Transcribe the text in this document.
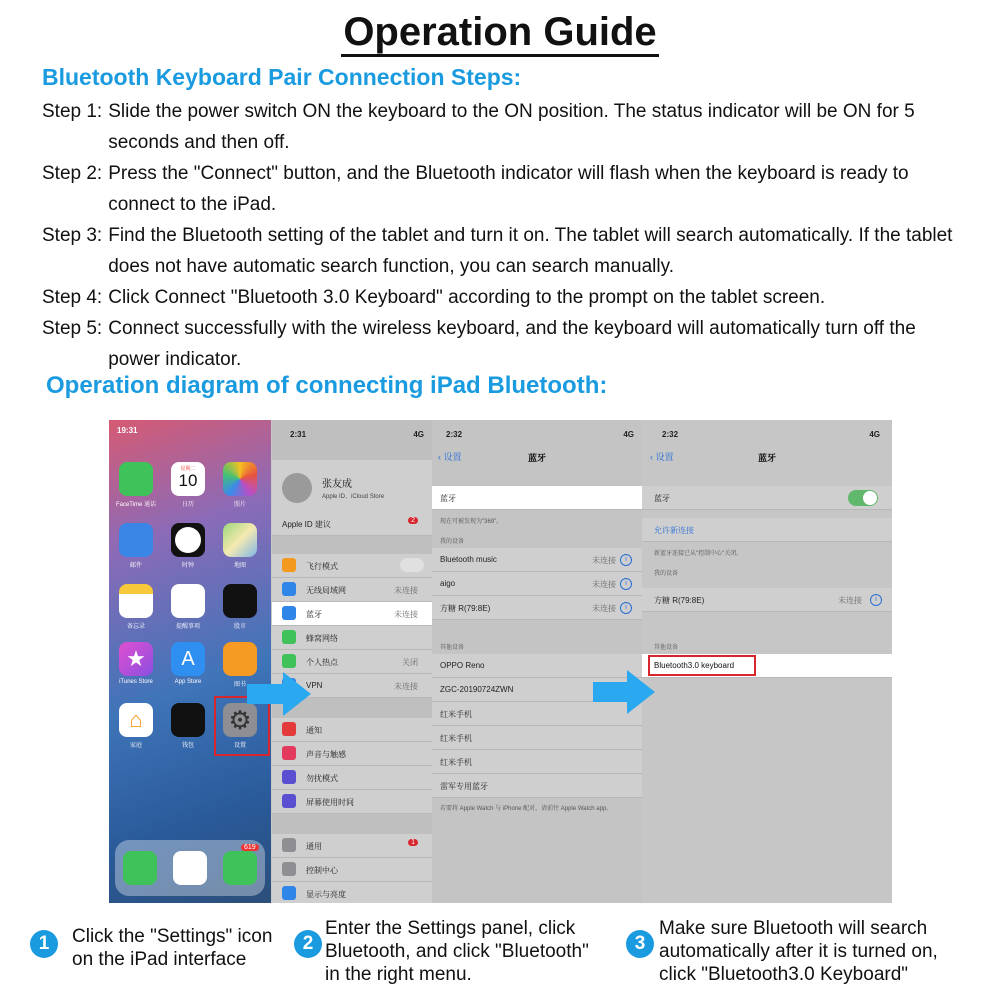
Operation Guide
Bluetooth Keyboard Pair Connection Steps:
Step 1: Slide the power switch ON the keyboard to the ON position. The status indicator will be ON for 5 seconds and then off.
Step 2: Press the "Connect" button, and the Bluetooth indicator will flash when the keyboard is ready to connect to the iPad.
Step 3: Find the Bluetooth setting of the tablet and turn it on. The tablet will search automatically. If the tablet does not have automatic search function, you can search manually.
Step 4: Click Connect "Bluetooth 3.0 Keyboard" according to the prompt on the tablet screen.
Step 5: Connect successfully with the wireless keyboard, and the keyboard will automatically turn off the power indicator.
Operation diagram of connecting iPad Bluetooth:
19:31
星期二
10
FaceTime 通话	日历	照片
邮件	时钟	地图
备忘录	提醒事项	股市
★	A
iTunes Store	App Store	图书
⌂	⚙
家庭	钱包	设置
619
2:31	4G
张友成
Apple ID、iCloud Store
Apple ID 建议	2
飞行模式
无线局域网	未连接
蓝牙	未连接
蜂窝网络
个人热点	关闭
VPN	未连接
通知
声音与触感
勿扰模式
屏幕使用时间
通用	1
控制中心
显示与亮度
2:32	4G
‹ 设置	蓝牙
蓝牙
现在可被发现为"369"。
我的设备
Bluetooth music	未连接	i
aigo	未连接	i
方糖 R(79:8E)	未连接	i
其他设备
OPPO Reno
ZGC-20190724ZWN
红米手机
红米手机
红米手机
雷军专用蓝牙
若要将 Apple Watch 与 iPhone 配对，请前往 Apple Watch app。
2:32	4G
‹ 设置	蓝牙
蓝牙
允许新连接
新蓝牙连接已从"控制中心"关闭。
我的设备
方糖 R(79:8E)	未连接	i
其他设备
Bluetooth3.0 keyboard
1	Click the "Settings" icon
on the iPad interface
2
Enter the Settings panel, click
Bluetooth, and click "Bluetooth"
in the right menu.
3
Make sure Bluetooth will search
automatically after it is turned on,
click "Bluetooth3.0 Keyboard"
